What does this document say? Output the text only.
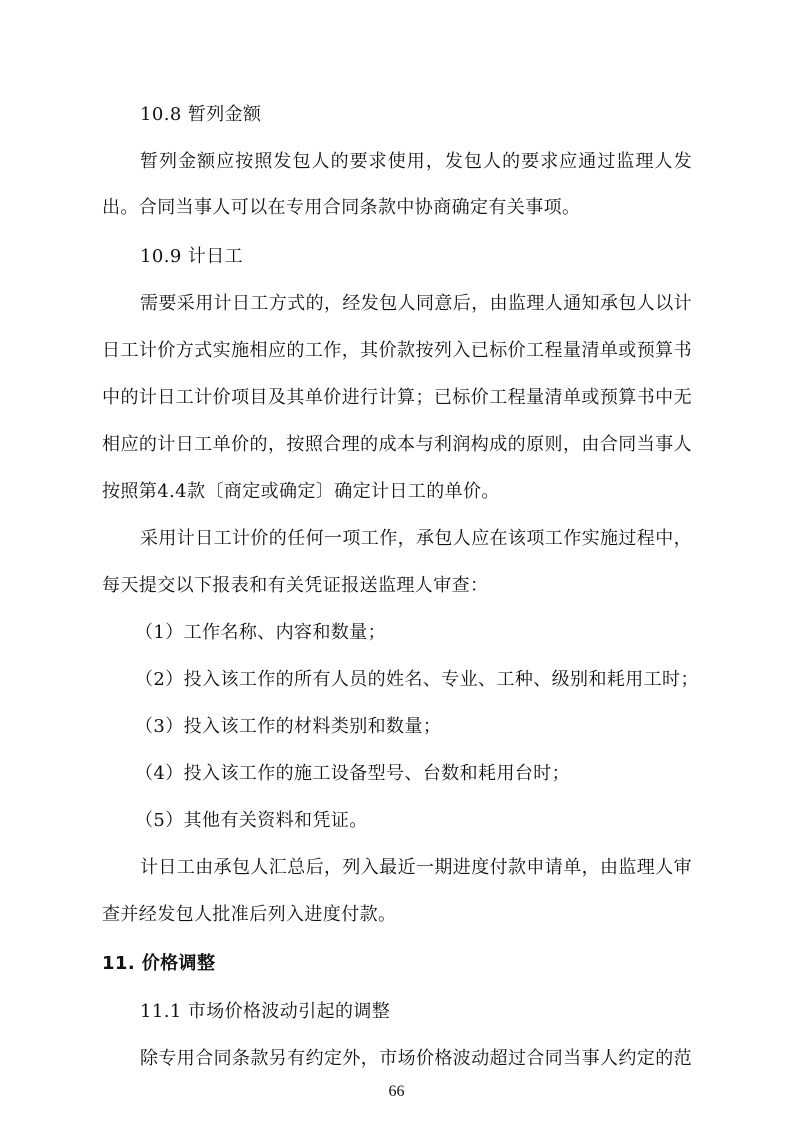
10.8 暂列金额
暂列金额应按照发包人的要求使用，发包人的要求应通过监理人发
出。合同当事人可以在专用合同条款中协商确定有关事项。
10.9 计日工
需要采用计日工方式的，经发包人同意后，由监理人通知承包人以计
日工计价方式实施相应的工作，其价款按列入已标价工程量清单或预算书
中的计日工计价项目及其单价进行计算；已标价工程量清单或预算书中无
相应的计日工单价的，按照合理的成本与利润构成的原则，由合同当事人
按照第4.4款〔商定或确定〕确定计日工的单价。
采用计日工计价的任何一项工作，承包人应在该项工作实施过程中，
每天提交以下报表和有关凭证报送监理人审查：
（1）工作名称、内容和数量；
（2）投入该工作的所有人员的姓名、专业、工种、级别和耗用工时；
（3）投入该工作的材料类别和数量；
（4）投入该工作的施工设备型号、台数和耗用台时；
（5）其他有关资料和凭证。
计日工由承包人汇总后，列入最近一期进度付款申请单，由监理人审
查并经发包人批准后列入进度付款。
11. 价格调整
11.1 市场价格波动引起的调整
除专用合同条款另有约定外，市场价格波动超过合同当事人约定的范
66
